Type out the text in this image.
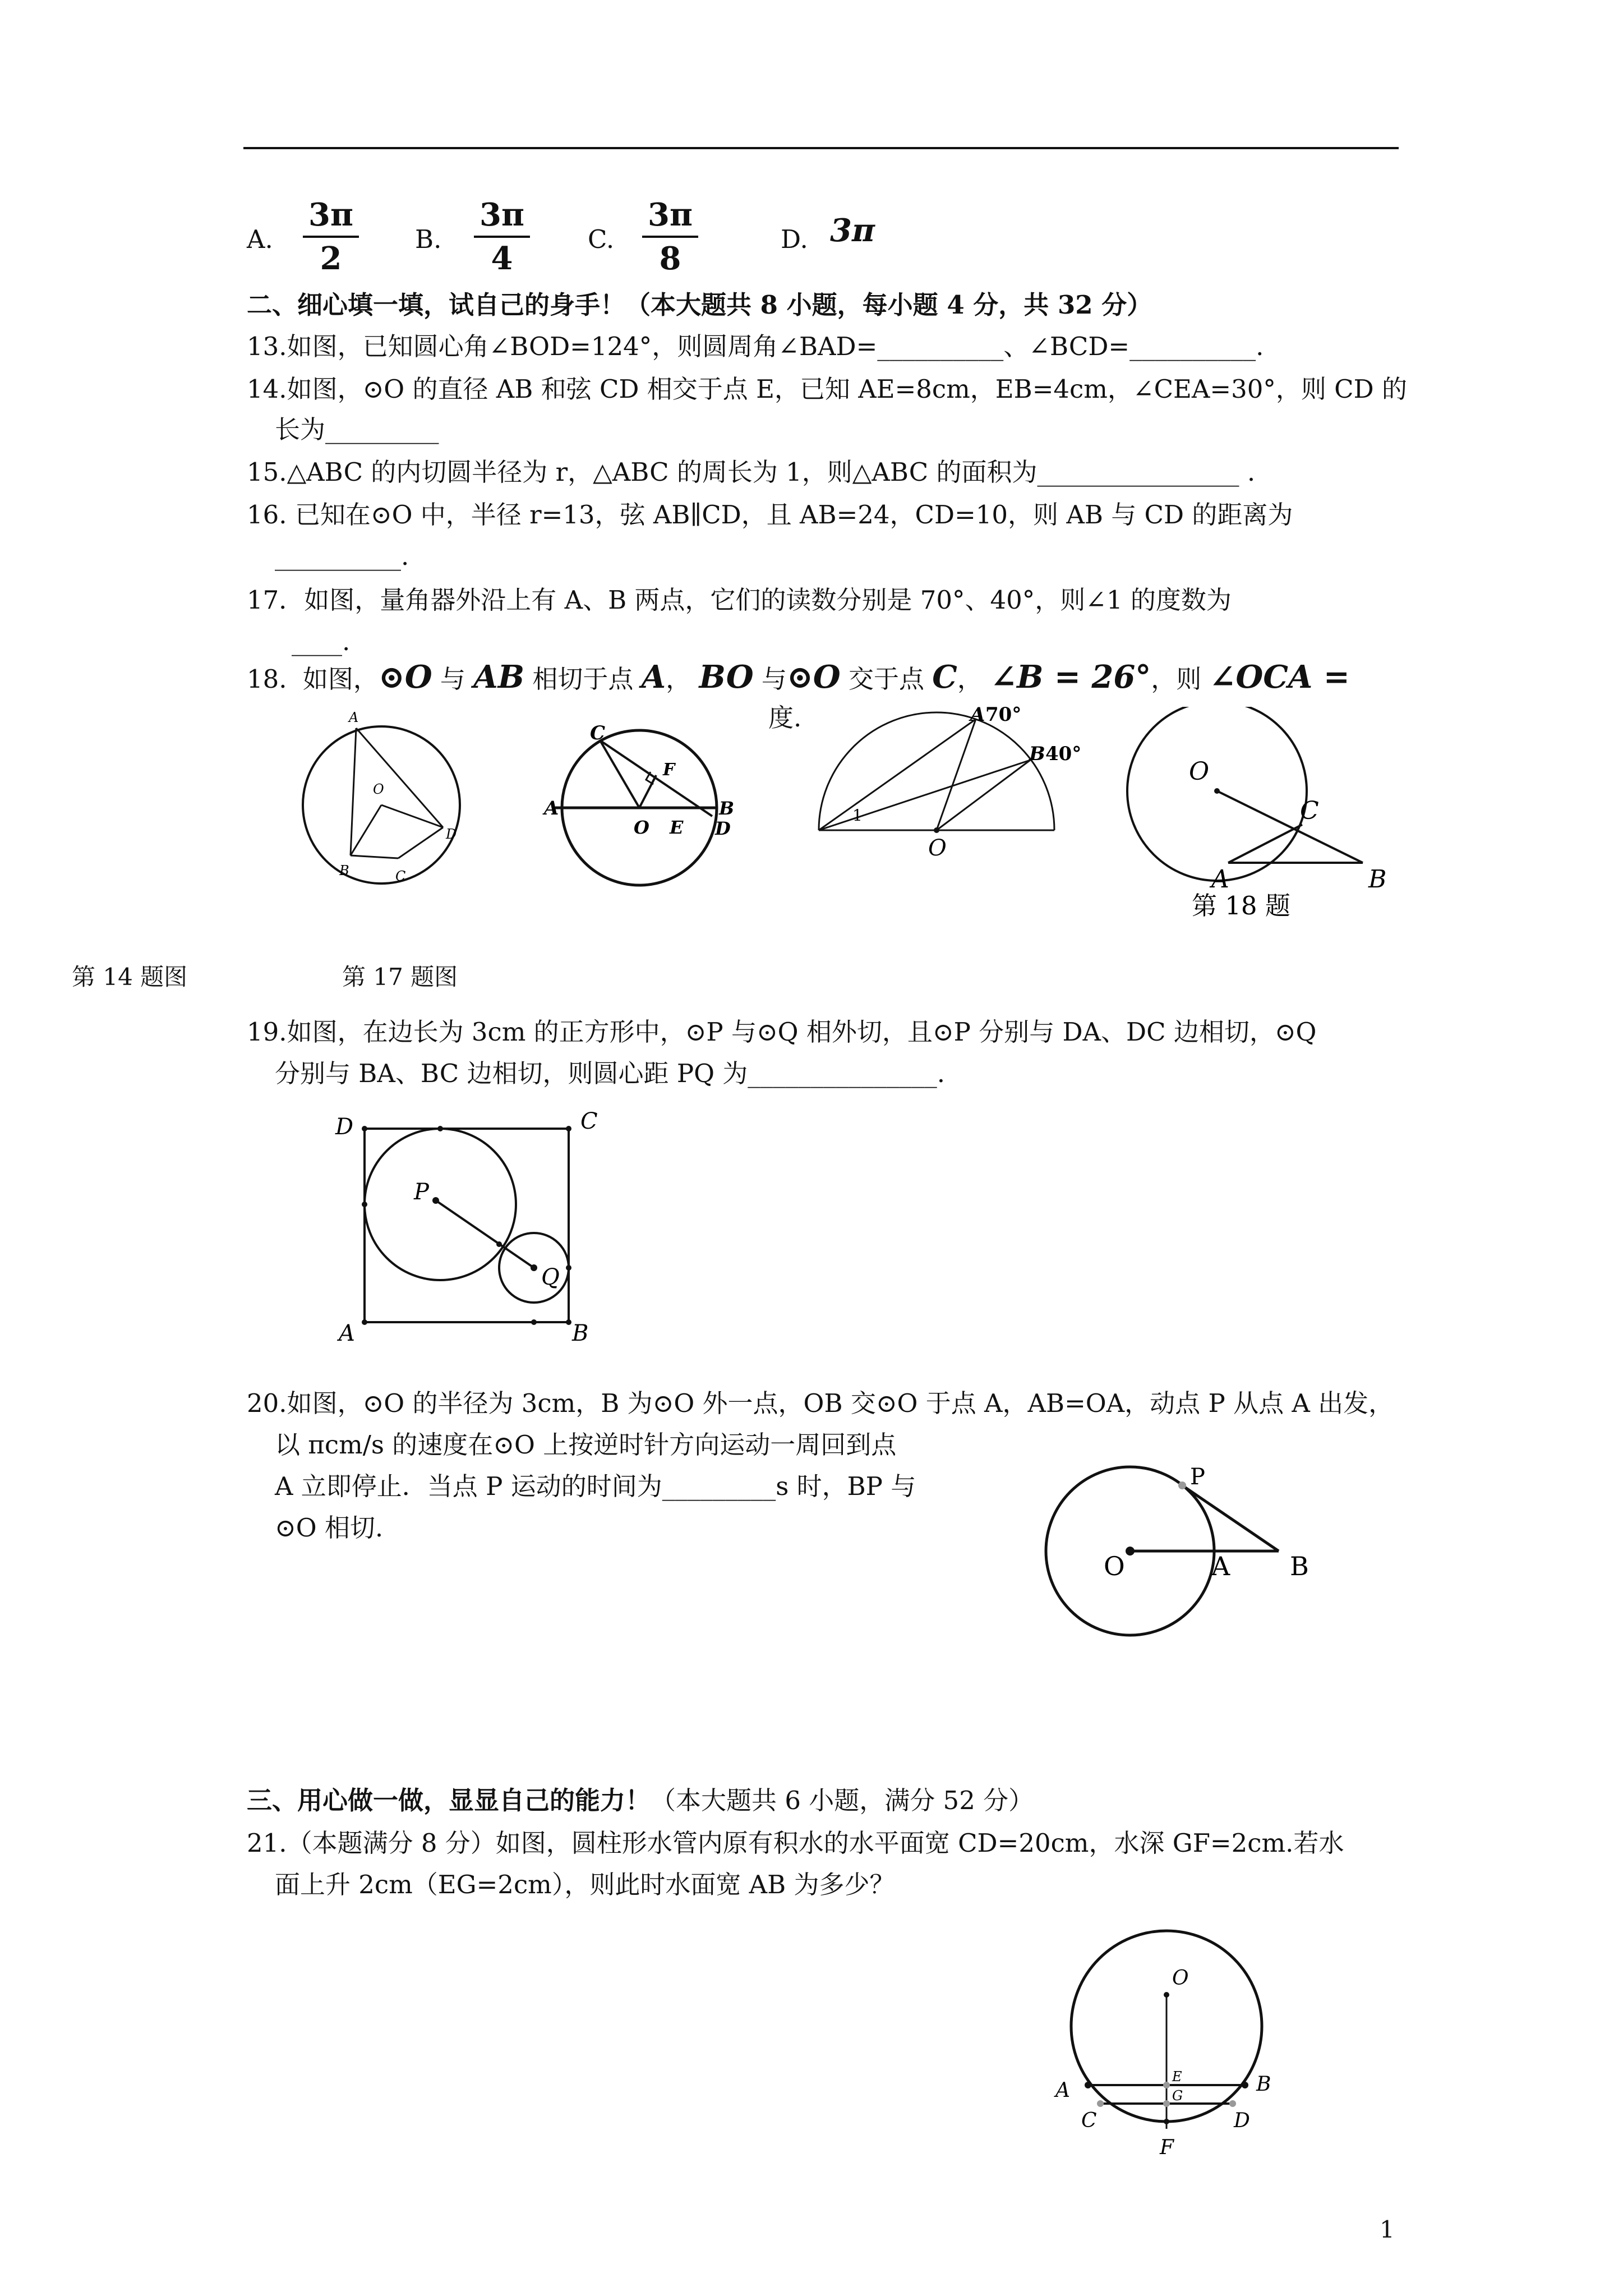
A.
3π
2
B.
3π
4
C.
3π
8
D. 3π
二、细心填一填，试自己的身手！（本大题共 8 小题，每小题 4 分，共 32 分）
13.如图，已知圆心角∠BOD=124°，则圆周角∠BAD=__________、∠BCD=__________.
14.如图，⊙O 的直径 AB 和弦 CD 相交于点 E，已知 AE=8cm，EB=4cm，∠CEA=30°，则 CD 的
长为_________
15.△ABC 的内切圆半径为 r，△ABC 的周长为 1，则△ABC 的面积为________________ .
16. 已知在⊙O 中，半径 r=13，弦 AB∥CD，且 AB=24，CD=10，则 AB 与 CD 的距离为
__________.
17．如图，量角器外沿上有 A、B 两点，它们的读数分别是 70°、40°，则∠1 的度数为
____.
18. 如图，⊙O 与 AB 相切于点 A， BO 与⊙O 交于点 C， ∠B = 26°，则 ∠OCA =
度.
A
O
B	C
D
C
F
A
O E
B
D
A 70°
B 40°
1
O
O
C
A	B
第 18 题
第 14 题图	第 17 题图
19.如图，在边长为 3cm 的正方形中，⊙P 与⊙Q 相外切，且⊙P 分别与 DA、DC 边相切，⊙Q
分别与 BA、BC 边相切，则圆心距 PQ 为_______________.
D	C
P
Q
A	B
20.如图，⊙O 的半径为 3cm，B 为⊙O 外一点，OB 交⊙O 于点 A，AB=OA，动点 P 从点 A 出发，
以 πcm/s 的速度在⊙O 上按逆时针方向运动一周回到点
A 立即停止．当点 P 运动的时间为_________s 时，BP 与
⊙O 相切.
P
O	A B
三、用心做一做，显显自己的能力！（本大题共 6 小题，满分 52 分）
21.（本题满分 8 分）如图，圆柱形水管内原有积水的水平面宽 CD=20cm，水深 GF=2cm.若水
面上升 2cm（EG=2cm），则此时水面宽 AB 为多少？
O
E
G
A	B
C	D
F
1
